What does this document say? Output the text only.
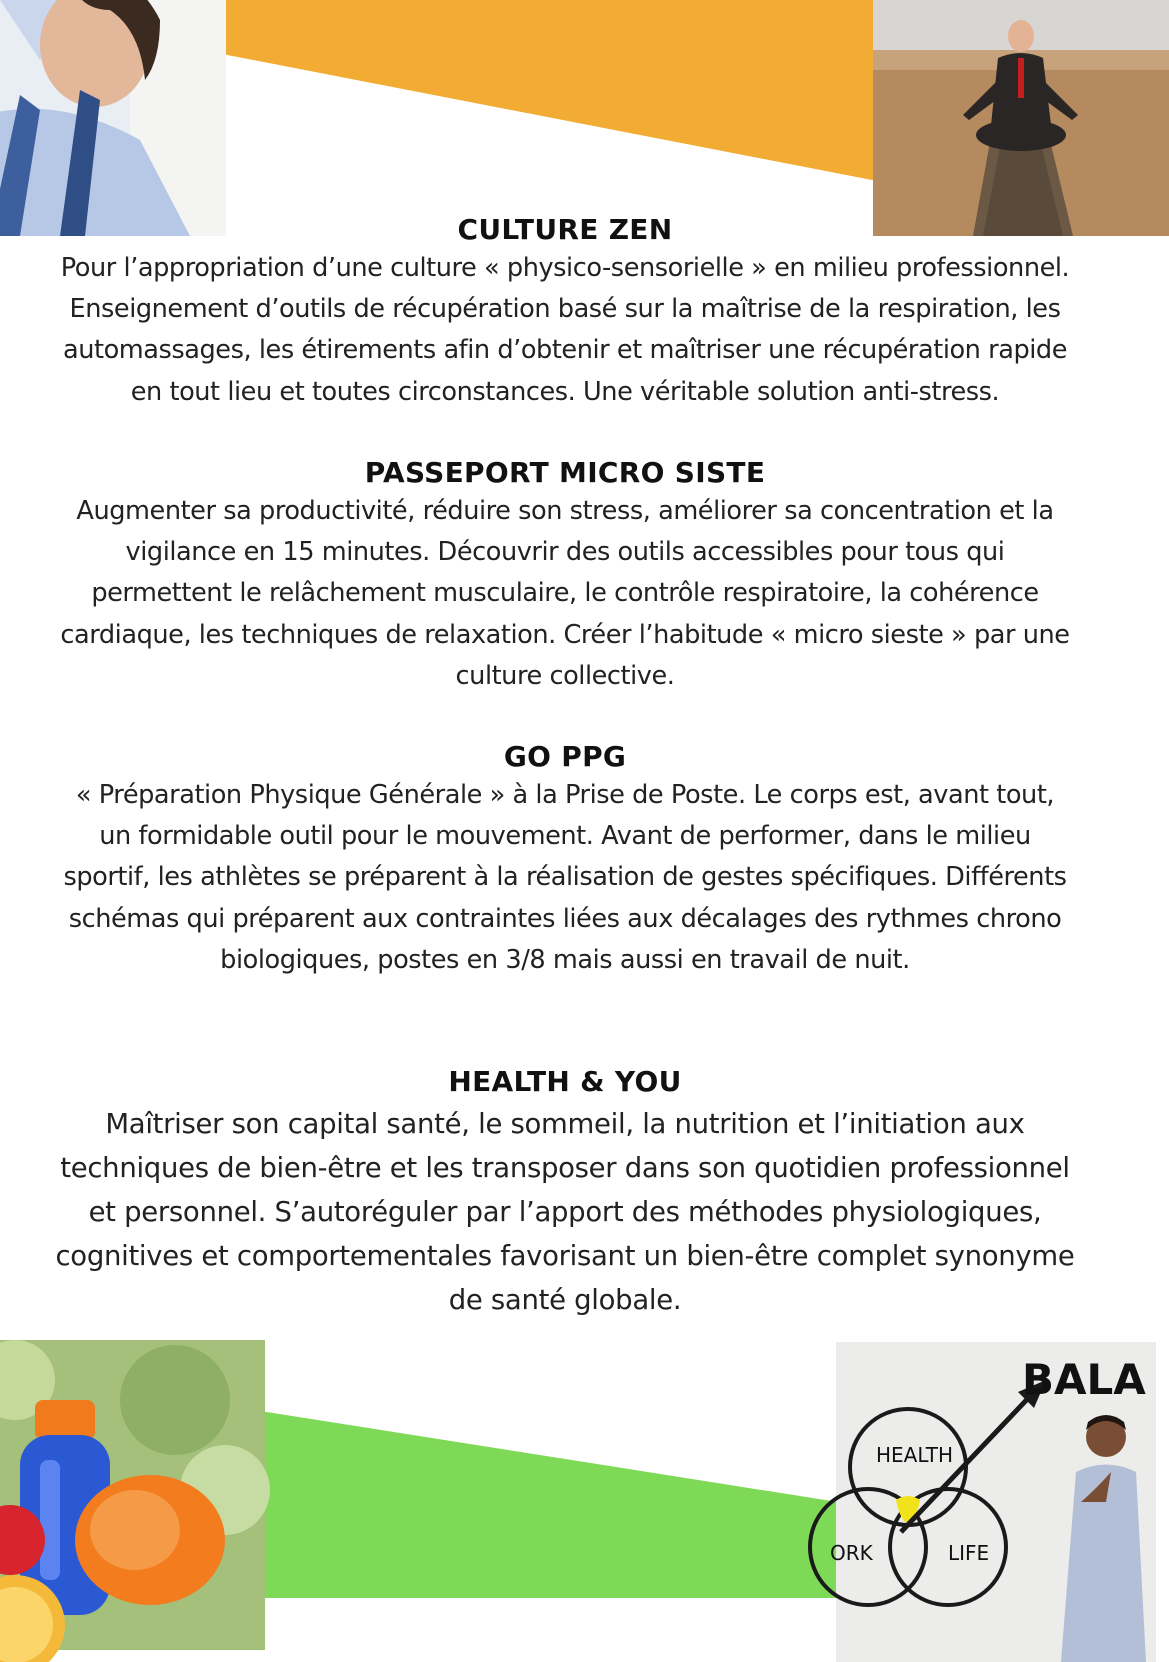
BALA
HEALTH
ORK	LIFE
CULTURE ZEN

Pour l’appropriation d’une culture « physico-sensorielle » en milieu professionnel.
Enseignement d’outils de récupération basé sur la maîtrise de la respiration, les
automassages, les étirements afin d’obtenir et maîtriser une récupération rapide
en tout lieu et toutes circonstances. Une véritable solution anti-stress.

PASSEPORT MICRO SISTE

Augmenter sa productivité, réduire son stress, améliorer sa concentration et la
vigilance en 15 minutes. Découvrir des outils accessibles pour tous qui
permettent le relâchement musculaire, le contrôle respiratoire, la cohérence
cardiaque, les techniques de relaxation. Créer l’habitude « micro sieste » par une
culture collective.

GO PPG

« Préparation Physique Générale » à la Prise de Poste. Le corps est, avant tout,
un formidable outil pour le mouvement. Avant de performer, dans le milieu
sportif, les athlètes se préparent à la réalisation de gestes spécifiques. Différents
schémas qui préparent aux contraintes liées aux décalages des rythmes chrono
biologiques, postes en 3/8 mais aussi en travail de nuit.

HEALTH & YOU

Maîtriser son capital santé, le sommeil, la nutrition et l’initiation aux
techniques de bien-être et les transposer dans son quotidien professionnel
et personnel. S’autoréguler par l’apport des méthodes physiologiques,
cognitives et comportementales favorisant un bien-être complet synonyme
de santé globale.
